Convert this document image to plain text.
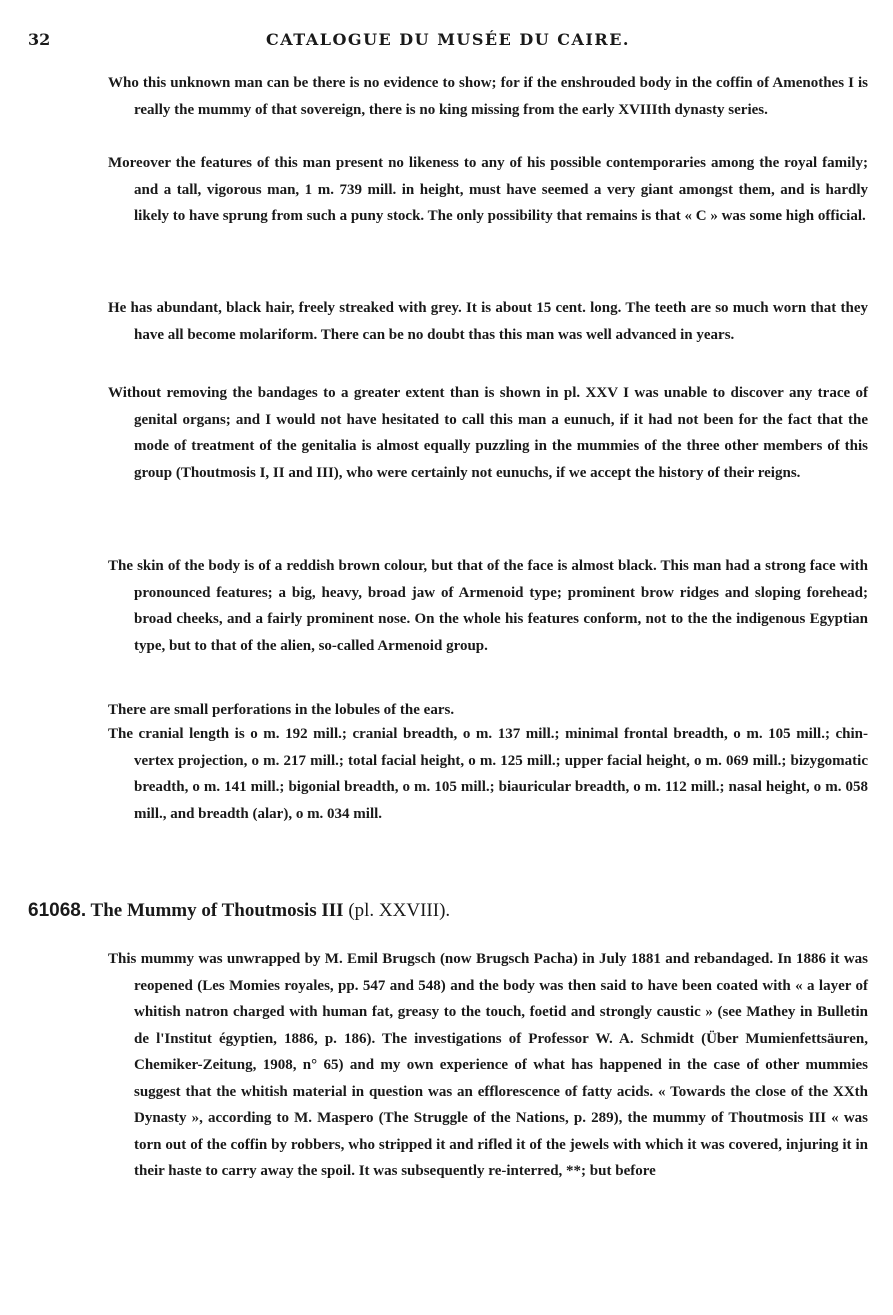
32	CATALOGUE DU MUSÉE DU CAIRE.

Who this unknown man can be there is no evidence to show; for if the enshrouded body in the coffin of Amenothes I is really the mummy of that sovereign, there is no king missing from the early XVIIIth dynasty series.

Moreover the features of this man present no likeness to any of his possible contemporaries among the royal family; and a tall, vigorous man, 1 m. 739 mill. in height, must have seemed a very giant amongst them, and is hardly likely to have sprung from such a puny stock. The only possibility that remains is that « C » was some high official.

He has abundant, black hair, freely streaked with grey. It is about 15 cent. long. The teeth are so much worn that they have all become molariform. There can be no doubt thas this man was well advanced in years.

Without removing the bandages to a greater extent than is shown in pl. XXV I was unable to discover any trace of genital organs; and I would not have hesitated to call this man a eunuch, if it had not been for the fact that the mode of treatment of the genitalia is almost equally puzzling in the mummies of the three other members of this group (Thoutmosis I, II and III), who were certainly not eunuchs, if we accept the history of their reigns.

The skin of the body is of a reddish brown colour, but that of the face is almost black. This man had a strong face with pronounced features; a big, heavy, broad jaw of Armenoid type; prominent brow ridges and sloping forehead; broad cheeks, and a fairly prominent nose. On the whole his features conform, not to the the indigenous Egyptian type, but to that of the alien, so-called Armenoid group.

There are small perforations in the lobules of the ears.

The cranial length is o m. 192 mill.; cranial breadth, o m. 137 mill.; minimal frontal breadth, o m. 105 mill.; chin-vertex projection, o m. 217 mill.; total facial height, o m. 125 mill.; upper facial height, o m. 069 mill.; bizygomatic breadth, o m. 141 mill.; bigonial breadth, o m. 105 mill.; biauricular breadth, o m. 112 mill.; nasal height, o m. 058 mill., and breadth (alar), o m. 034 mill.

61068. The Mummy of Thoutmosis III (pl. XXVIII).

This mummy was unwrapped by M. Emil Brugsch (now Brugsch Pacha) in July 1881 and rebandaged. In 1886 it was reopened (Les Momies royales, pp. 547 and 548) and the body was then said to have been coated with « a layer of whitish natron charged with human fat, greasy to the touch, foetid and strongly caustic » (see Mathey in Bulletin de l'Institut égyptien, 1886, p. 186). The investigations of Professor W. A. Schmidt (Über Mumienfettsäuren, Chemiker-Zeitung, 1908, n° 65) and my own experience of what has happened in the case of other mummies suggest that the whitish material in question was an efflorescence of fatty acids. « Towards the close of the XXth Dynasty », according to M. Maspero (The Struggle of the Nations, p. 289), the mummy of Thoutmosis III « was torn out of the coffin by robbers, who stripped it and rifled it of the jewels with which it was covered, injuring it in their haste to carry away the spoil. It was subsequently re-interred, **; but before
